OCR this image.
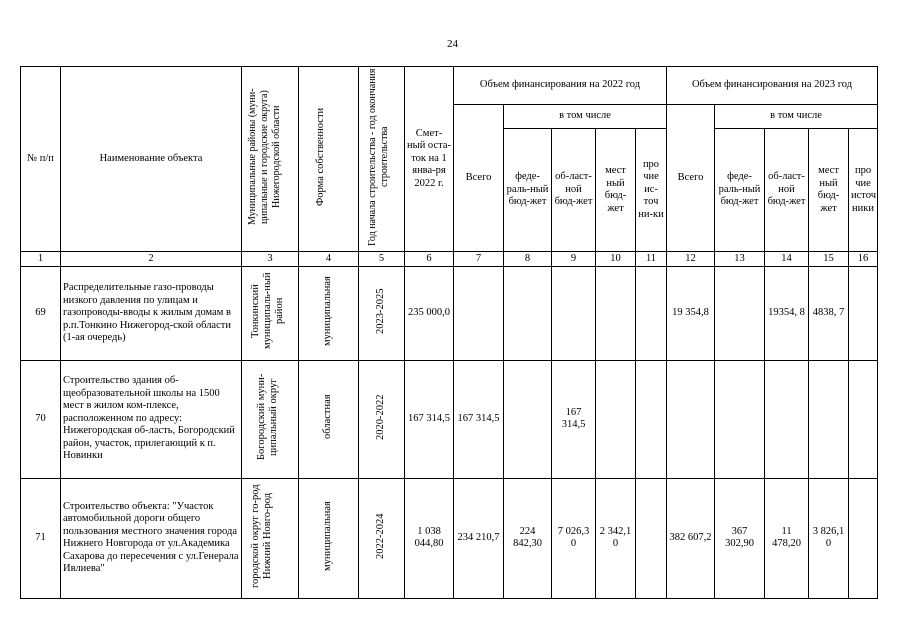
24
№ п/п	Наименование объекта	Муниципальные районы (муни-ципальные и городские округа) Нижегородской области	Форма собственности	Год начала строительства - год окончания строительства	Смет-ный оста-ток на 1 янва-ря 2022 г.	Объем финансирования на 2022 год					Объем финансирования на 2023 год				
						Всего	в том числе				Всего	в том числе			
							феде-раль-ный бюд-жет	об-ласт-ной бюд-жет	мест ный бюд-жет	про чие ис-точ ни-ки		феде-раль-ный бюд-жет	об-ласт-ной бюд-жет	мест ный бюд-жет	про чие источ ники
1	2	3	4	5	6	7	8	9	10	11	12	13	14	15	16
69	Распределительные газо-проводы низкого давления по улицам и газопроводы-вводы к жилым домам в р.п.Тонкино Нижегород-ской области (1-ая очередь)	Тонкинский муниципаль-ный район	муниципальная	2023-2025	235 000,0						19 354,8		19354, 8	4838, 7	
70	Строительство здания об-щеобразовательной школы на 1500 мест в жилом ком-плексе, расположенном по адресу: Нижегородская об-ласть, Богородский район, участок, прилегающий к п. Новинки	Богородский муни-ципальный округ	областная	2020-2022	167 314,5	167 314,5		167 314,5							
71	Строительство объекта: "Участок автомобильной дороги общего пользования местного значения города Нижнего Новгорода от ул.Академика Сахарова до пересечения с ул.Генерала Ивлиева"	городской округ го-род Нижний Новго-род	муниципальная	2022-2024	1 038 044,80	234 210,7	224 842,30	7 026,3 0	2 342,1 0		382 607,2	367 302,90	11 478,20	3 826,1 0	
